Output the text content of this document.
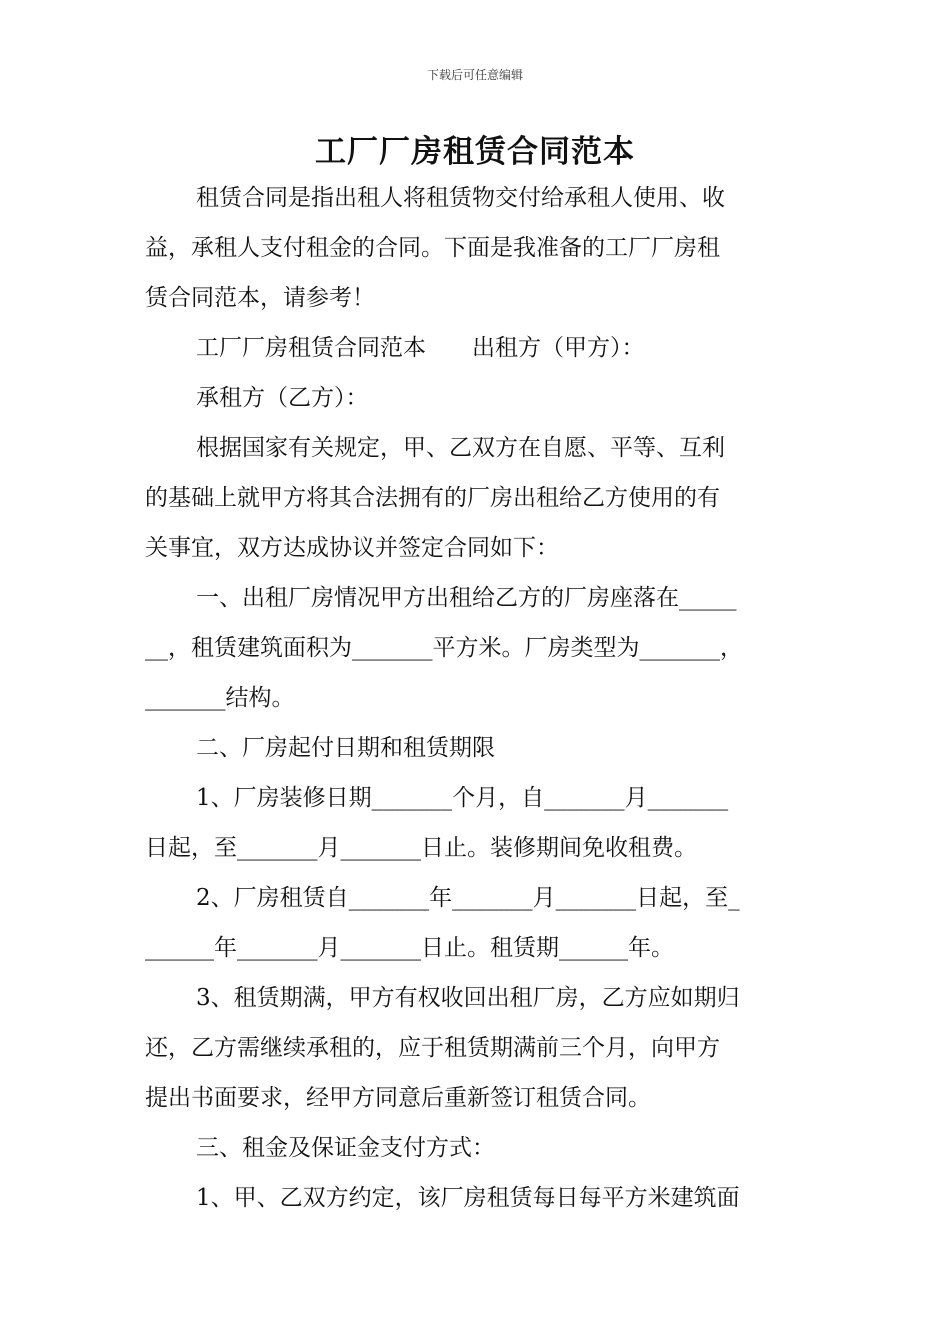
下载后可任意编辑
工厂厂房租赁合同范本
租赁合同是指出租人将租赁物交付给承租人使用、收
益，承租人支付租金的合同。下面是我准备的工厂厂房租
赁合同范本，请参考！
工厂厂房租赁合同范本　　出租方（甲方）：
承租方（乙方）：
根据国家有关规定，甲、乙双方在自愿、平等、互利
的基础上就甲方将其合法拥有的厂房出租给乙方使用的有
关事宜，双方达成协议并签定合同如下：
一、出租厂房情况甲方出租给乙方的厂房座落在_____
__，租赁建筑面积为_______平方米。厂房类型为_______，
_______结构。
二、厂房起付日期和租赁期限
1、厂房装修日期_______个月，自_______月_______
日起，至_______月_______日止。装修期间免收租费。
2、厂房租赁自_______年_______月_______日起，至_
______年_______月_______日止。租赁期______年。
3、租赁期满，甲方有权收回出租厂房，乙方应如期归
还，乙方需继续承租的，应于租赁期满前三个月，向甲方
提出书面要求，经甲方同意后重新签订租赁合同。
三、租金及保证金支付方式：
1、甲、乙双方约定，该厂房租赁每日每平方米建筑面
